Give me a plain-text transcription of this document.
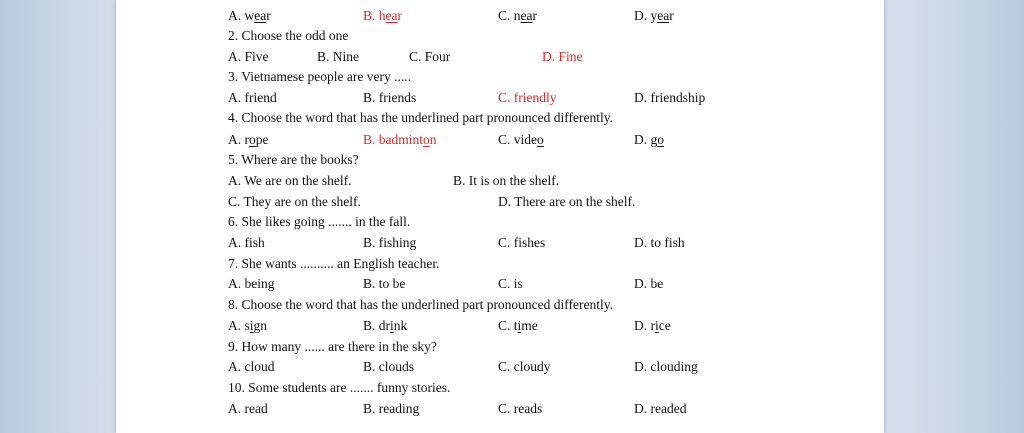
A. wear	B. hear	C. near	D. year
2. Choose the odd one
A. Five	B. Nine	C. Four	D. Fine
3. Vietnamese people are very .....
A. friend	B. friends	C. friendly	D. friendship
4. Choose the word that has the underlined part pronounced differently.
A. rope	B. badminton	C. video	D. go
5. Where are the books?
A. We are on the shelf.	B. It is on the shelf.
C. They are on the shelf.	D. There are on the shelf.
6. She likes going ....... in the fall.
A. fish	B. fishing	C. fishes	D. to fish
7. She wants .......... an English teacher.
A. being	B. to be	C. is	D. be
8. Choose the word that has the underlined part pronounced differently.
A. sign	B. drink	C. time	D. rice
9. How many ...... are there in the sky?
A. cloud	B. clouds	C. cloudy	D. clouding
10. Some students are ....... funny stories.
A. read	B. reading	C. reads	D. readed
